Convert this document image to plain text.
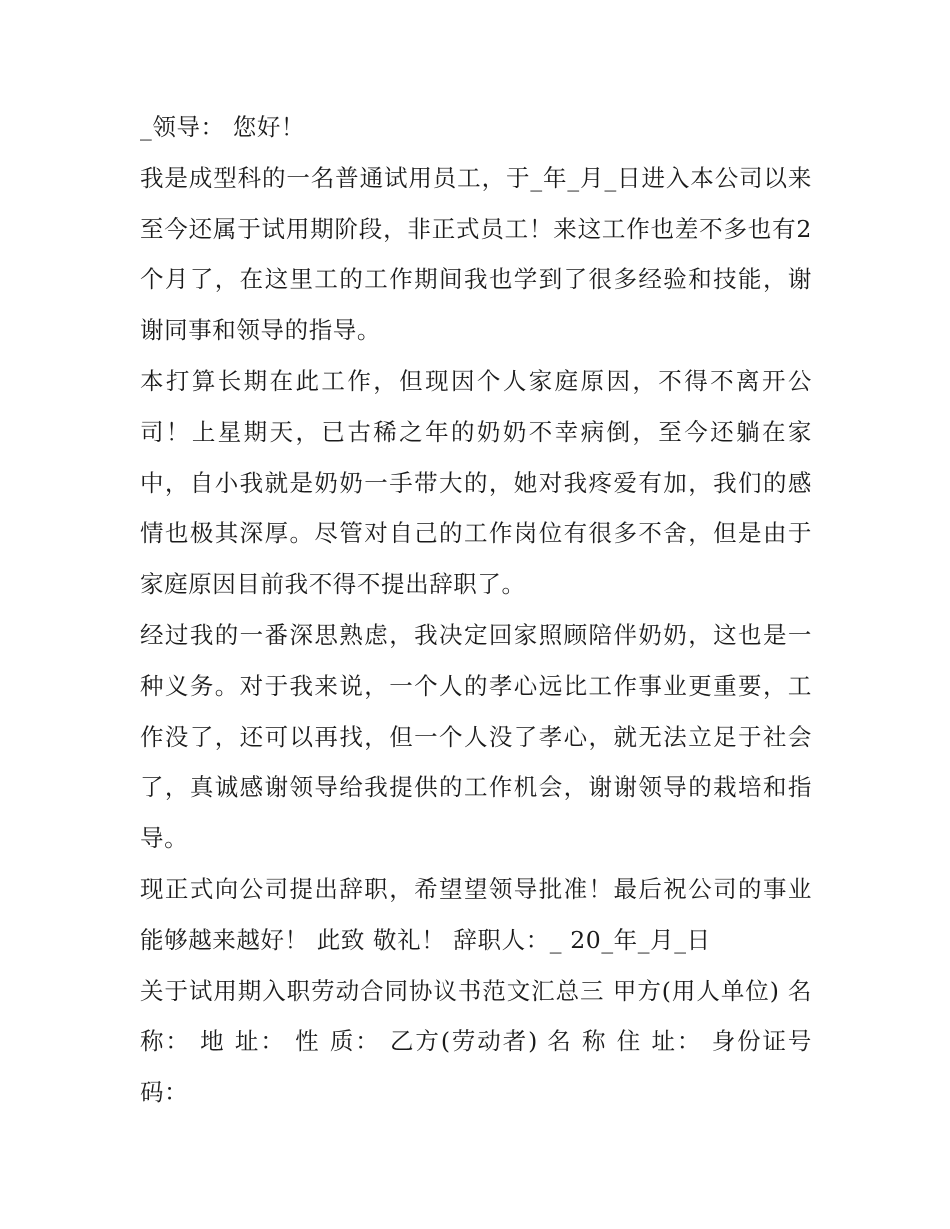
_领导： 您好！

我是成型科的一名普通试用员工，于_年_月_日进入本公司以来至今还属于试用期阶段，非正式员工！来这工作也差不多也有2个月了，在这里工的工作期间我也学到了很多经验和技能，谢谢同事和领导的指导。

本打算长期在此工作，但现因个人家庭原因，不得不离开公司！上星期天，已古稀之年的奶奶不幸病倒，至今还躺在家中，自小我就是奶奶一手带大的，她对我疼爱有加，我们的感情也极其深厚。尽管对自己的工作岗位有很多不舍，但是由于家庭原因目前我不得不提出辞职了。

经过我的一番深思熟虑，我决定回家照顾陪伴奶奶，这也是一种义务。对于我来说，一个人的孝心远比工作事业更重要，工作没了，还可以再找，但一个人没了孝心，就无法立足于社会了，真诚感谢领导给我提供的工作机会，谢谢领导的栽培和指导。

现正式向公司提出辞职，希望望领导批准！最后祝公司的事业能够越来越好！ 此致 敬礼！ 辞职人：_ 20_年_月_日

关于试用期入职劳动合同协议书范文汇总三 甲方(用人单位) 名 称： 地 址： 性 质： 乙方(劳动者) 名 称 住 址： 身份证号码：
